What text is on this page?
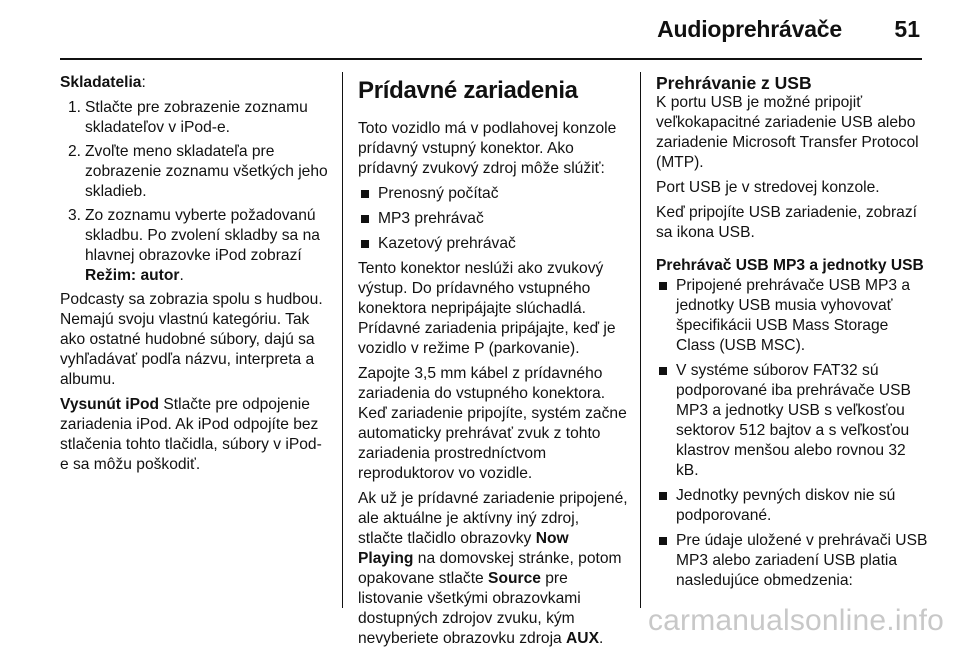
Audioprehrávače 51

Skladatelia:

1. Stlačte pre zobrazenie zoznamu skladateľov v iPod-e.
2. Zvoľte meno skladateľa pre zobrazenie zoznamu všetkých jeho skladieb.
3. Zo zoznamu vyberte požadovanú skladbu. Po zvolení skladby sa na hlavnej obrazovke iPod zobrazí Režim: autor.

Podcasty sa zobrazia spolu s hudbou. Nemajú svoju vlastnú kategóriu. Tak ako ostatné hudobné súbory, dajú sa vyhľadávať podľa názvu, interpreta a albumu.

Vysunút iPod Stlačte pre odpojenie zariadenia iPod. Ak iPod odpojíte bez stlačenia tohto tlačidla, súbory v iPod-e sa môžu poškodiť.

Prídavné zariadenia

Toto vozidlo má v podlahovej konzole prídavný vstupný konektor. Ako prídavný zvukový zdroj môže slúžiť:

Prenosný počítač
MP3 prehrávač
Kazetový prehrávač

Tento konektor neslúži ako zvukový výstup. Do prídavného vstupného konektora nepripájajte slúchadlá. Prídavné zariadenia pripájajte, keď je vozidlo v režime P (parkovanie).

Zapojte 3,5 mm kábel z prídavného zariadenia do vstupného konektora. Keď zariadenie pripojíte, systém začne automaticky prehrávať zvuk z tohto zariadenia prostredníctvom reproduktorov vo vozidle.

Ak už je prídavné zariadenie pripojené, ale aktuálne je aktívny iný zdroj, stlačte tlačidlo obrazovky Now Playing na domovskej stránke, potom opakovane stlačte Source pre listovanie všetkými obrazovkami dostupných zdrojov zvuku, kým nevyberiete obrazovku zdroja AUX.

Prehrávanie z USB

K portu USB je možné pripojiť veľkokapacitné zariadenie USB alebo zariadenie Microsoft Transfer Protocol (MTP).

Port USB je v stredovej konzole.

Keď pripojíte USB zariadenie, zobrazí sa ikona USB.

Prehrávač USB MP3 a jednotky USB

Pripojené prehrávače USB MP3 a jednotky USB musia vyhovovať špecifikácii USB Mass Storage Class (USB MSC).
V systéme súborov FAT32 sú podporované iba prehrávače USB MP3 a jednotky USB s veľkosťou sektorov 512 bajtov a s veľkosťou klastrov menšou alebo rovnou 32 kB.
Jednotky pevných diskov nie sú podporované.
Pre údaje uložené v prehrávači USB MP3 alebo zariadení USB platia nasledujúce obmedzenia:
carmanualsonline.info
